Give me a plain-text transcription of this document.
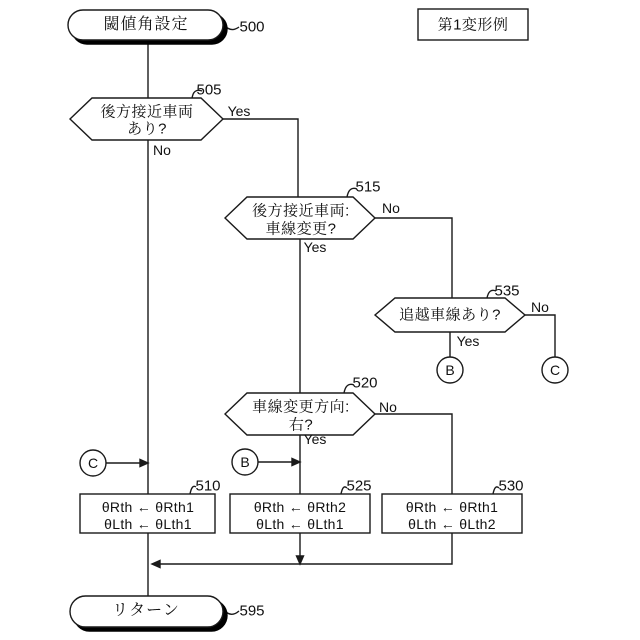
第1変形例
閾値角設定	500
後方接近車両
あり?
505
Yes
No
後方接近車両:
車線変更?
515
No
Yes
追越車線あり?
535
No
Yes
車線変更方向:
右?
520
No
Yes
B	C
C	B
θRth ← θRth1
θLth ← θLth1
510
θRth ← θRth2
θLth ← θLth1
525
θRth ← θRth1
θLth ← θLth2
530
リターン	595
